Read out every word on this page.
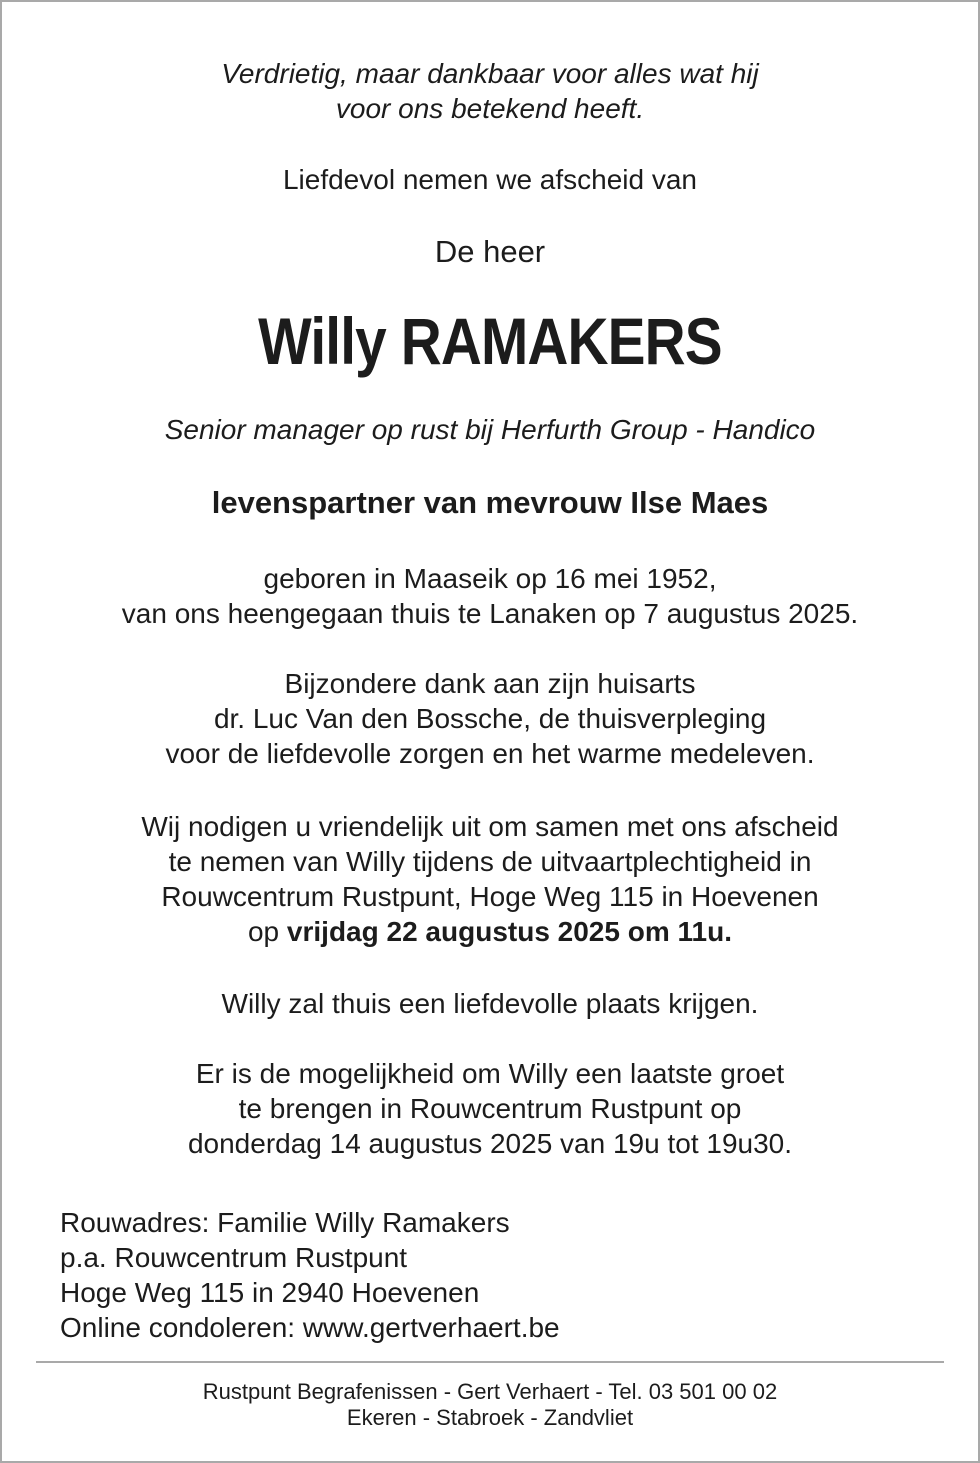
Verdrietig, maar dankbaar voor alles wat hij
voor ons betekend heeft.
Liefdevol nemen we afscheid van
De heer
Willy RAMAKERS
Senior manager op rust bij Herfurth Group - Handico
levenspartner van mevrouw Ilse Maes
geboren in Maaseik op 16 mei 1952,
van ons heengegaan thuis te Lanaken op 7 augustus 2025.
Bijzondere dank aan zijn huisarts
dr. Luc Van den Bossche, de thuisverpleging
voor de liefdevolle zorgen en het warme medeleven.
Wij nodigen u vriendelijk uit om samen met ons afscheid
te nemen van Willy tijdens de uitvaartplechtigheid in
Rouwcentrum Rustpunt, Hoge Weg 115 in Hoevenen
op vrijdag 22 augustus 2025 om 11u.
Willy zal thuis een liefdevolle plaats krijgen.
Er is de mogelijkheid om Willy een laatste groet
te brengen in Rouwcentrum Rustpunt op
donderdag 14 augustus 2025 van 19u tot 19u30.
Rouwadres: Familie Willy Ramakers
p.a. Rouwcentrum Rustpunt
Hoge Weg 115 in 2940 Hoevenen
Online condoleren: www.gertverhaert.be
Rustpunt Begrafenissen - Gert Verhaert - Tel. 03 501 00 02
Ekeren - Stabroek - Zandvliet
